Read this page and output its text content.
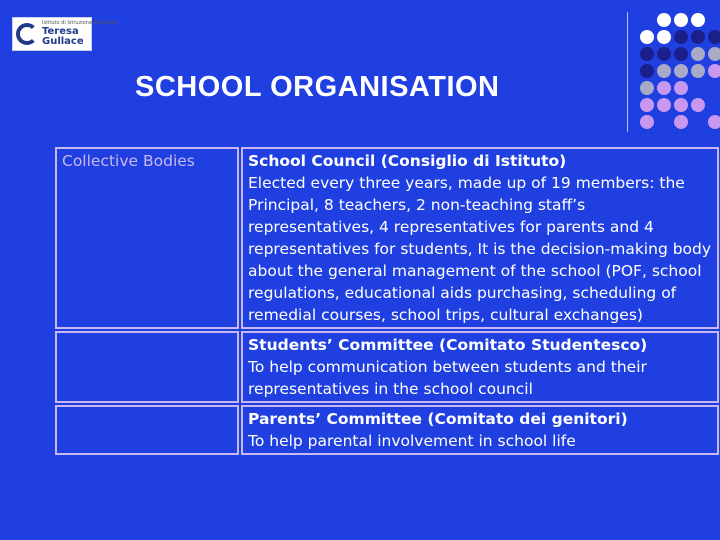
Istituto di Istruzione Superiore
Teresa
Gullace
SCHOOL ORGANISATION
Collective Bodies	School Council (Consiglio di Istituto)
Elected every three years, made up of 19 members: the Principal, 8 teachers, 2 non-teaching staff’s representatives, 4 representatives for parents and 4 representatives for students, It is the decision-making body about the general management of the school (POF, school regulations, educational aids purchasing, scheduling of remedial courses, school trips, cultural exchanges)

	Students’ Committee (Comitato Studentesco)
To help communication between students and their representatives in the school council

	Parents’ Committee (Comitato dei genitori)
To help parental involvement in school life
